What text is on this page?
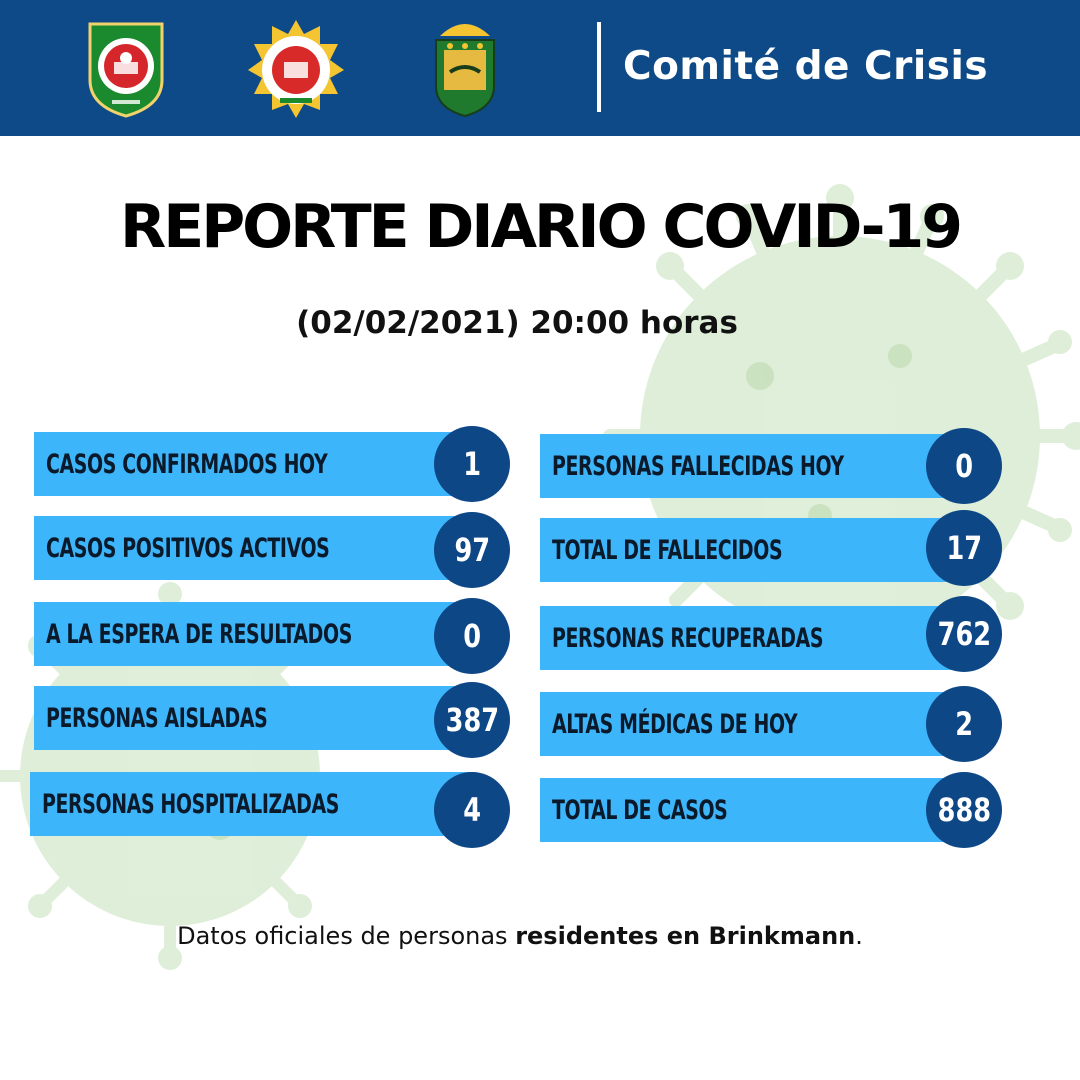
Comité de Crisis
REPORTE DIARIO COVID-19
(02/02/2021) 20:00 horas
CASOS CONFIRMADOS HOY	1
CASOS POSITIVOS ACTIVOS	97
A LA ESPERA DE RESULTADOS	0
PERSONAS AISLADAS	387
PERSONAS HOSPITALIZADAS	4
PERSONAS FALLECIDAS HOY	0
TOTAL DE FALLECIDOS	17
PERSONAS RECUPERADAS	762
ALTAS MÉDICAS DE HOY	2
TOTAL DE CASOS	888
Datos oficiales de personas residentes en Brinkmann.
